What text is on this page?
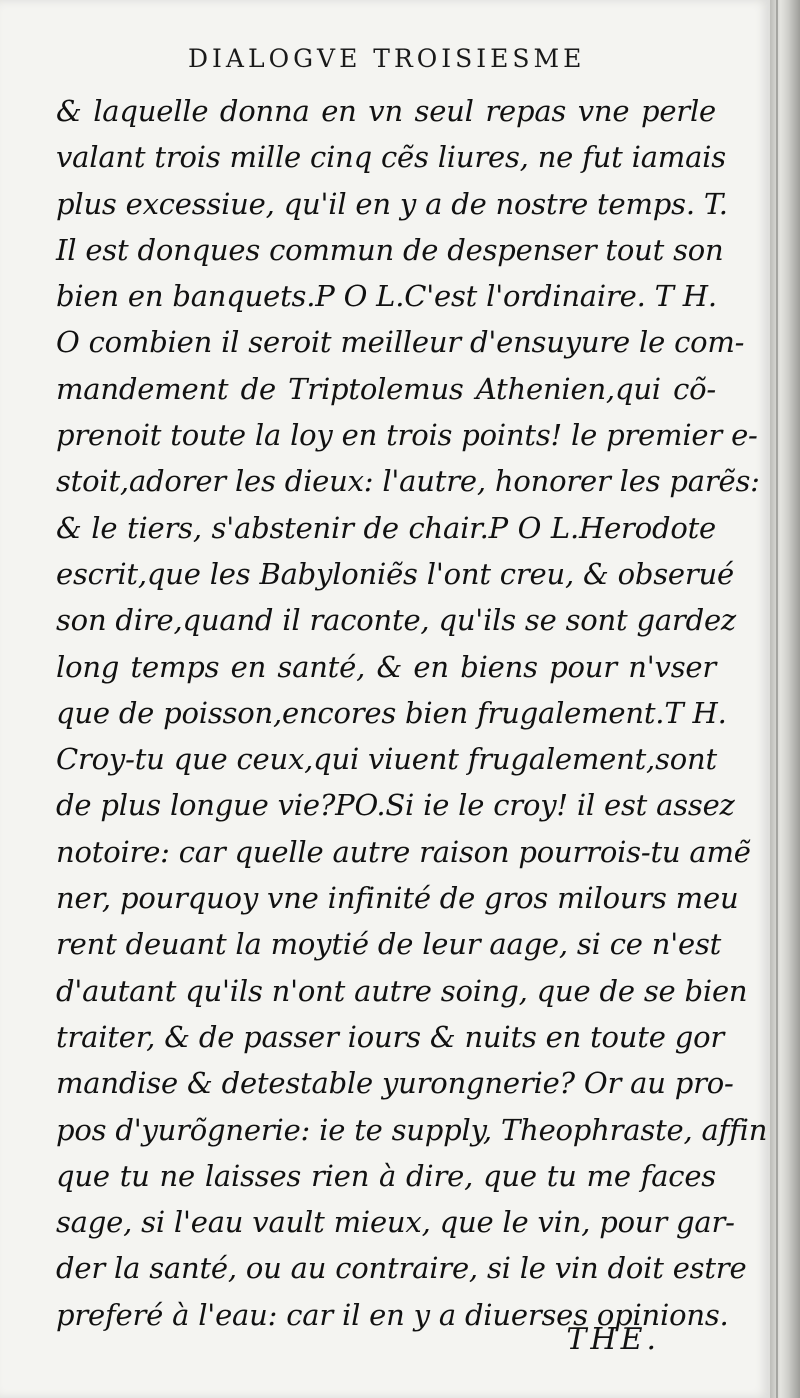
DIALOGVE TROISIESME
& laquelle donna en vn seul repas vne perle
valant trois mille cinq cẽs liures, ne fut iamais
plus excessiue, qu'il en y a de nostre temps. T.
Il est donques commun de despenser tout son
bien en banquets.P O L.C'est l'ordinaire. T H.
O combien il seroit meilleur d'ensuyure le com-
mandement de Triptolemus Athenien,qui cõ-
prenoit toute la loy en trois points! le premier e-
stoit,adorer les dieux: l'autre, honorer les parẽs:
& le tiers, s'abstenir de chair.P O L.Herodote
escrit,que les Babyloniẽs l'ont creu, & obserué
son dire,quand il raconte, qu'ils se sont gardez
long temps en santé, & en biens pour n'vser
que de poisson,encores bien frugalement.T H.
Croy-tu que ceux,qui viuent frugalement,sont
de plus longue vie?PO.Si ie le croy! il est assez
notoire: car quelle autre raison pourrois-tu amẽ
ner, pourquoy vne infinité de gros milours meu
rent deuant la moytié de leur aage, si ce n'est
d'autant qu'ils n'ont autre soing, que de se bien
traiter, & de passer iours & nuits en toute gor
mandise & detestable yurongnerie? Or au pro-
pos d'yurõgnerie: ie te supply, Theophraste, affin
que tu ne laisses rien à dire, que tu me faces
sage, si l'eau vault mieux, que le vin, pour gar-
der la santé, ou au contraire, si le vin doit estre
preferé à l'eau: car il en y a diuerses opinions.
THE.
